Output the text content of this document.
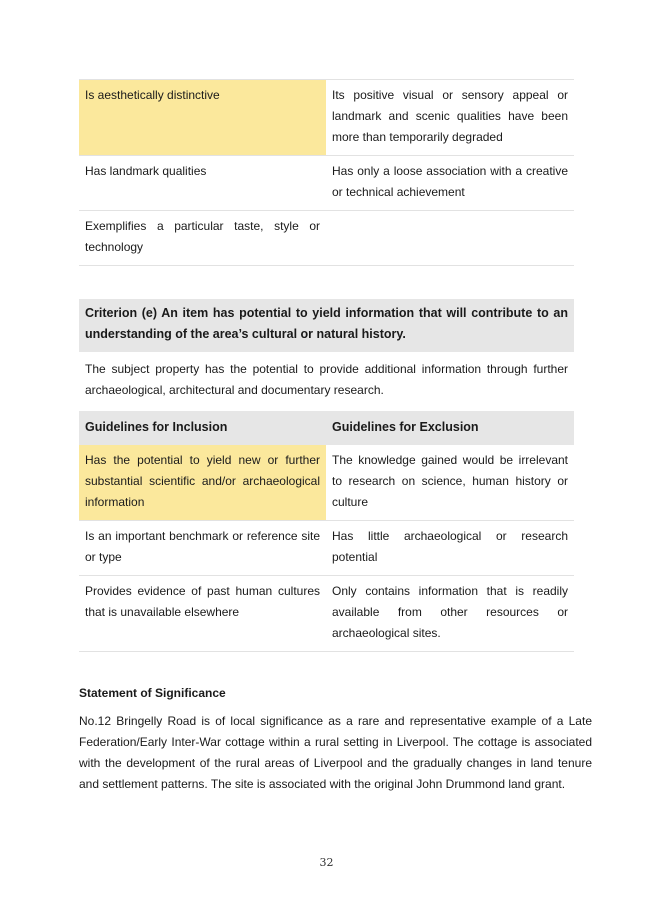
Is aesthetically distinctive	Its positive visual or sensory appeal or landmark and scenic qualities have been more than temporarily degraded
Has landmark qualities	Has only a loose association with a creative or technical achievement
Exemplifies a particular taste, style or technology	
Criterion (e) An item has potential to yield information that will contribute to an understanding of the area’s cultural or natural history.
The subject property has the potential to provide additional information through further archaeological, architectural and documentary research.
Guidelines for Inclusion	Guidelines for Exclusion
Has the potential to yield new or further substantial scientific and/or archaeological information	The knowledge gained would be irrelevant to research on science, human history or culture
Is an important benchmark or reference site or type	Has little archaeological or research potential
Provides evidence of past human cultures that is unavailable elsewhere	Only contains information that is readily available from other resources or archaeological sites.
Statement of Significance
No.12 Bringelly Road is of local significance as a rare and representative example of a Late Federation/Early Inter-War cottage within a rural setting in Liverpool. The cottage is associated with the development of the rural areas of Liverpool and the gradually changes in land tenure and settlement patterns. The site is associated with the original John Drummond land grant.
32
